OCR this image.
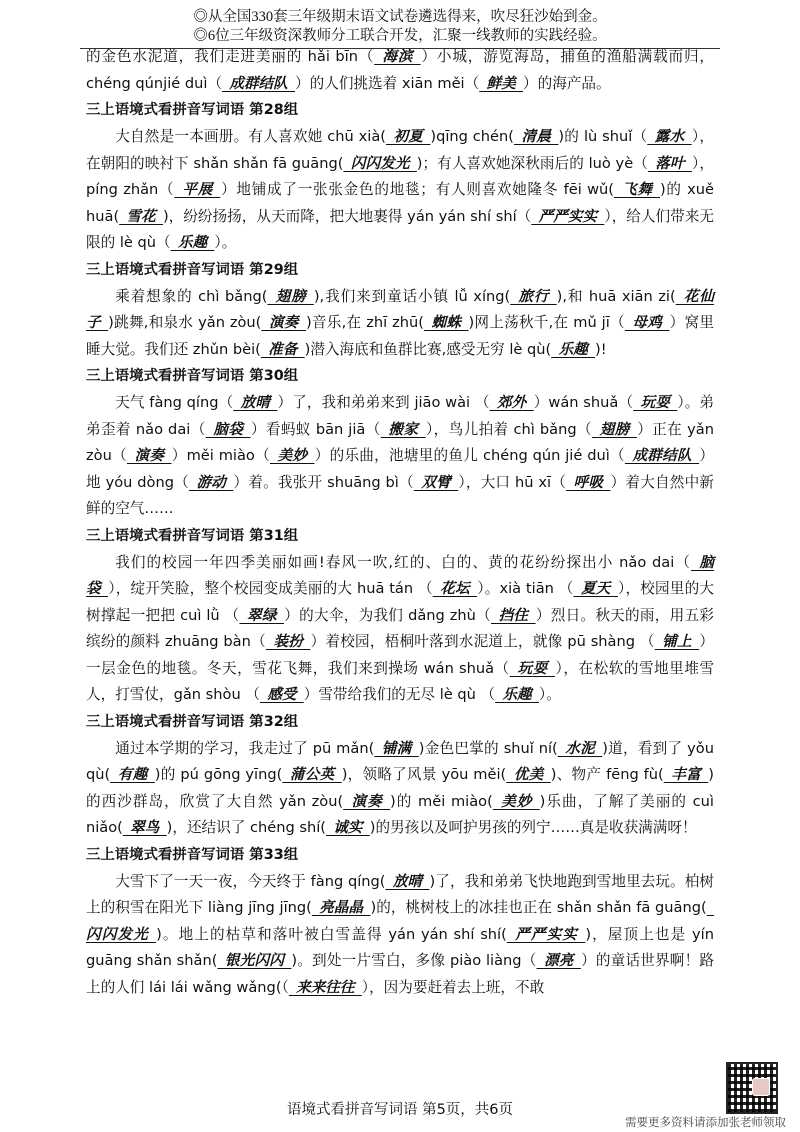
◎从全国330套三年级期末语文试卷遴选得来，吹尽狂沙始到金。
◎6位三年级资深教师分工联合开发，汇聚一线教师的实践经验。

的金色水泥道，我们走进美丽的 hǎi bīn（ 海滨 ）小城，游览海岛，捕鱼的渔船满载而归，chéng qúnjié duì（ 成群结队 ）的人们挑选着 xiān měi（ 鲜美 ）的海产品。

三上语境式看拼音写词语 第28组

大自然是一本画册。有人喜欢她 chū xià( 初夏 )qīng chén( 清晨 )的 lù shuǐ（ 露水 ），在朝阳的映衬下 shǎn shǎn fā guāng( 闪闪发光 )；有人喜欢她深秋雨后的 luò yè（ 落叶 ），píng zhǎn（ 平展 ）地铺成了一张张金色的地毯；有人则喜欢她隆冬 fēi wǔ( 飞舞 )的 xuě huā( 雪花 )，纷纷扬扬，从天而降，把大地裹得 yán yán shí shí（ 严严实实 ），给人们带来无限的 lè qù（ 乐趣 ）。

三上语境式看拼音写词语 第29组

乘着想象的 chì bǎng( 翅膀 ),我们来到童话小镇 lǚ xíng( 旅行 ),和 huā xiān zi( 花仙子 )跳舞,和泉水 yǎn zòu( 演奏 )音乐,在 zhī zhū( 蜘蛛 )网上荡秋千,在 mǔ jī（ 母鸡 ）窝里睡大觉。我们还 zhǔn bèi( 准备 )潜入海底和鱼群比赛,感受无穷 lè qù( 乐趣 )!

三上语境式看拼音写词语 第30组

天气 fàng qíng（ 放晴 ）了，我和弟弟来到 jiāo wài （ 郊外 ）wán shuǎ（ 玩耍 ）。弟弟歪着 nǎo dai（ 脑袋 ）看蚂蚁 bān jiā（ 搬家 ），鸟儿拍着 chì bǎng（ 翅膀 ）正在 yǎn zòu（ 演奏 ）měi miào（ 美妙 ）的乐曲，池塘里的鱼儿 chéng qún jié duì（ 成群结队 ）地 yóu dòng（ 游动 ）着。我张开 shuāng bì（ 双臂 ），大口 hū xī（ 呼吸 ）着大自然中新鲜的空气……

三上语境式看拼音写词语 第31组

我们的校园一年四季美丽如画!春风一吹,红的、白的、黄的花纷纷探出小 nǎo dai（ 脑袋 ），绽开笑脸，整个校园变成美丽的大 huā tán （ 花坛 ）。xià tiān （ 夏天 ），校园里的大树撑起一把把 cuì lǜ （ 翠绿 ）的大伞，为我们 dǎng zhù（ 挡住 ）烈日。秋天的雨，用五彩缤纷的颜料 zhuāng bàn（ 装扮 ）着校园，梧桐叶落到水泥道上，就像 pū shàng （ 铺上 ）一层金色的地毯。冬天，雪花飞舞，我们来到操场 wán shuǎ（ 玩耍 ），在松软的雪地里堆雪人，打雪仗，gǎn shòu （ 感受 ）雪带给我们的无尽 lè qù （ 乐趣 ）。

三上语境式看拼音写词语 第32组

通过本学期的学习，我走过了 pū mǎn( 铺满 )金色巴掌的 shuǐ ní( 水泥 )道，看到了 yǒu qù( 有趣 )的 pú gōng yīng( 蒲公英 )，领略了风景 yōu měi( 优美 )、物产 fēng fù( 丰富 )的西沙群岛，欣赏了大自然 yǎn zòu( 演奏 )的 měi miào( 美妙 )乐曲，了解了美丽的 cuì niǎo( 翠鸟 )，还结识了 chéng shí( 诚实 )的男孩以及呵护男孩的列宁……真是收获满满呀！

三上语境式看拼音写词语 第33组

大雪下了一天一夜，今天终于 fàng qíng( 放晴 )了，我和弟弟飞快地跑到雪地里去玩。柏树上的积雪在阳光下 liàng jīng jīng( 亮晶晶 )的，桃树枝上的冰挂也正在 shǎn shǎn fā guāng( 闪闪发光 )。地上的枯草和落叶被白雪盖得 yán yán shí shí( 严严实实 )，屋顶上也是 yín guāng shǎn shǎn( 银光闪闪 )。到处一片雪白，多像 piào liàng（ 漂亮 ）的童话世界啊！路上的人们 lái lái wǎng wǎng(（ 来来往往 ），因为要赶着去上班，不敢

语境式看拼音写词语 第5页，共6页
需要更多资料请添加张老师领取
